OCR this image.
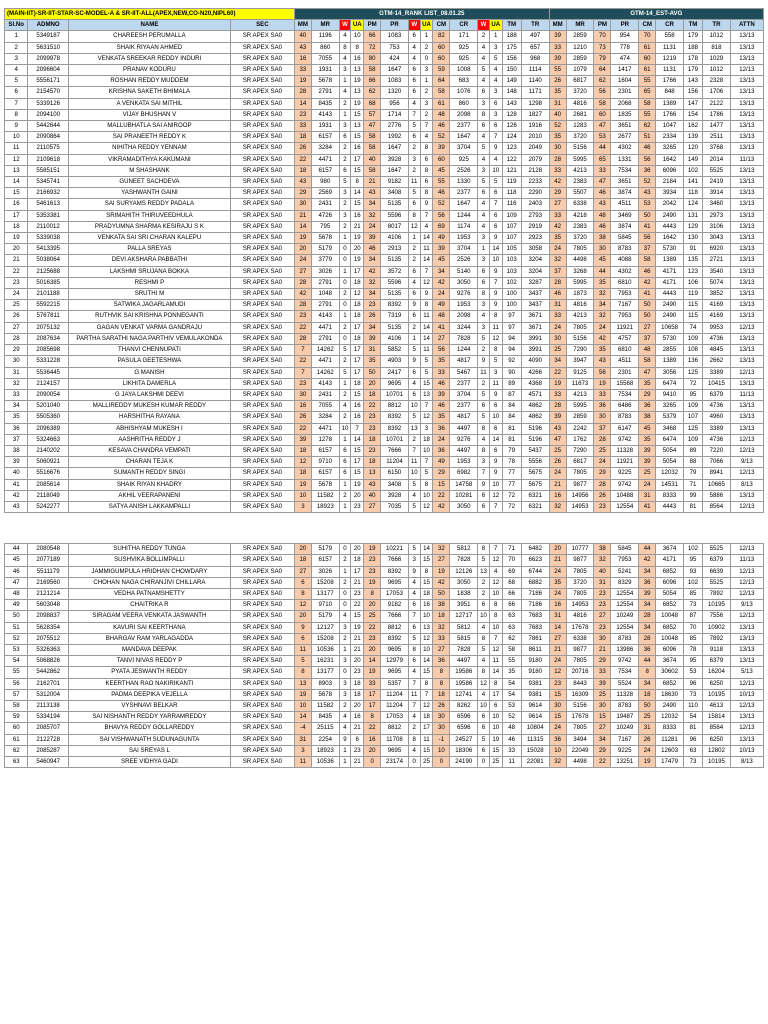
(MAIN-IIT)-SR-IIT-STAR-SC-MODEL-A & SR-IIT-ALL(APEX,NEW,CO-N20,NIPL60)				GTM-14_RANK LIST_08.01.25														GTM-14_EST-AVG								
Sl.No	ADMNO	NAME	SEC	MM	MR	W	UA	PM	PR	W	UA	CM	CR	W	UA	TM	TR	MM	MR	PM	PR	CM	CR	TM	TR	ATTN
1	5349187	CHAREESH PERUMALLA	SR APEX SA0	40	1196	4	10	66	1083	6	1	82	171	2	1	188	497	39	2859	70	954	70	558	179	1012	13/13
2	5631510	SHAIK RIYAAN AHMED	SR APEX SA0	43	860	8	8	72	753	4	2	60	925	4	3	175	657	33	1210	73	778	61	1131	188	818	13/13
3	2099978	VENKATA SREEKAR REDDY INDURI	SR APEX SA0	16	7055	4	16	80	424	4	0	60	925	4	5	156	968	39	2859	79	474	60	1219	178	1029	13/13
4	2096604	PRANAV KODURU	SR APEX SA0	33	1931	3	13	58	1647	6	3	59	1008	5	4	150	1114	55	1079	64	1417	61	1131	179	1012	12/13
5	5556171	ROSHAN REDDY MUDDEM	SR APEX SA0	19	5678	1	19	66	1083	6	1	64	683	4	4	149	1140	26	6817	62	1604	55	1766	143	2328	13/13
6	2154570	KRISHNA SAKETH BHIMALA	SR APEX SA0	28	2791	4	13	62	1320	6	2	58	1076	6	3	148	1171	35	3720	56	2301	65	848	156	1706	13/13
7	5339126	A VENKATA SAI MITHIL	SR APEX SA0	14	8435	2	19	68	956	4	3	61	860	3	6	143	1298	31	4816	58	2068	58	1389	147	2122	13/13
8	2094100	VIJAY BHUSHAN V	SR APEX SA0	23	4143	1	15	57	1714	7	2	48	2098	8	3	128	1827	40	2681	60	1835	55	1766	154	1786	13/13
9	5442644	MALLUBHATLA SAI ANIROOP	SR APEX SA0	33	1931	3	13	47	2776	5	7	46	2377	6	6	126	1916	52	1283	47	3651	62	1047	162	1477	13/13
10	2090864	SAI PRANEETH REDDY K	SR APEX SA0	18	6157	6	15	58	1992	6	4	52	1647	4	7	124	2010	35	3720	53	2677	51	2334	139	2511	13/13
11	2110575	NIHITHA REDDY YENNAM	SR APEX SA0	26	3284	2	16	58	1647	2	8	39	3704	5	9	123	2049	30	5156	44	4302	46	3265	120	3768	13/13
12	2109618	VIKRAMADITHYA KAKUMANI	SR APEX SA0	22	4471	2	17	40	3928	3	6	60	925	4	4	122	2079	28	5995	65	1331	56	1642	149	2014	11/13
13	5585151	M SHASHANK	SR APEX SA0	18	6157	6	15	58	1647	2	8	45	2526	3	10	121	2128	33	4213	33	7534	36	6096	102	5525	13/13
14	5345741	GUNEET SACHDEVA	SR APEX SA0	43	980	5	8	21	9182	11	6	55	1330	5	5	119	2233	42	2383	47	3651	52	2184	141	2419	13/13
15	2166932	YASHWANTH GAINI	SR APEX SA0	29	2569	3	14	43	3408	5	8	46	2377	6	6	118	2290	29	5507	46	3874	43	3934	118	3914	13/13
16	5461613	SAI SURYAMS REDDY PADALA	SR APEX SA0	30	2431	2	15	34	5135	6	9	52	1647	4	7	116	2403	27	6338	43	4511	53	2042	124	3460	13/13
17	5353381	SRIMAHITH THIRUVEEDHULA	SR APEX SA0	21	4726	3	16	32	5596	8	7	56	1244	4	6	109	2793	33	4218	48	3469	50	2490	131	2973	13/13
18	2110012	PRADYUMNA SHARMA KESIRAJU S K	SR APEX SA0	14	795	2	21	24	8017	12	4	69	1174	4	6	107	2919	42	2383	46	3874	41	4443	129	3106	13/13
19	5339038	VENKATA SAI SRI CHARAN KALEPU	SR APEX SA0	19	5678	1	19	39	4106	1	14	49	1953	3	9	107	2923	35	3720	38	5845	56	1642	130	3043	13/13
20	5413395	PALLA SREYAS	SR APEX SA0	20	5179	0	20	46	2913	2	11	39	3704	1	14	105	3058	24	7805	30	8783	37	5730	91	6920	13/13
21	5038064	DEVI AKSHARA PABBATHI	SR APEX SA0	24	3779	0	19	34	5135	2	14	45	2526	3	10	103	3204	32	4498	45	4088	58	1389	135	2721	13/13
22	2125688	LAKSHMI SRUJANA BOKKA	SR APEX SA0	27	3026	1	17	42	3572	6	7	34	5140	6	9	103	3204	37	3268	44	4302	46	4171	123	3540	13/13
23	5016385	RESHMI P	SR APEX SA0	28	2791	0	18	32	5596	4	12	42	3050	6	7	102	3287	28	5995	35	6810	42	4171	106	5074	13/13
24	2101188	SRUTHI M	SR APEX SA0	42	1048	2	12	34	5135	6	9	24	9276	8	9	100	3437	46	1873	32	7953	41	4443	119	3852	13/13
25	5592215	SATWIKA JAGARLAMUDI	SR APEX SA0	28	2791	0	18	23	8392	9	8	49	1953	3	9	100	3437	31	4816	34	7167	50	2490	115	4169	13/13
26	5767811	RUTHVIK SAI KRISHNA PONNEGANTI	SR APEX SA0	23	4143	1	18	26	7319	6	11	48	2098	4	8	97	3671	33	4213	32	7953	50	2490	115	4169	13/13
27	2075132	GAGAN VENKAT VARMA GANDRAJU	SR APEX SA0	22	4471	2	17	34	5135	2	14	41	3244	3	11	97	3671	24	7805	24	11921	27	10658	74	9953	12/13
28	2087634	PARTHA SARATHI NAGA PARTHIV VEMULAKONDA	SR APEX SA0	28	2791	0	18	39	4106	1	14	27	7828	5	12	94	3991	30	5156	42	4757	37	5730	109	4736	13/13
29	2085698	THANVI CHENNUPATI	SR APEX SA0	7	14262	5	17	31	5852	5	11	56	1244	2	8	94	3991	25	7290	35	6810	48	2855	108	4845	13/13
30	5331228	PASULA GEETESHWA	SR APEX SA0	22	4471	2	17	35	4903	9	5	35	4817	9	5	92	4090	34	3947	43	4511	58	1389	136	2662	13/13
31	5536445	G MANISH	SR APEX SA0	7	14262	5	17	50	2417	6	5	33	5467	11	3	90	4266	22	9125	56	2301	47	3056	125	3389	12/13
32	2124157	LIKHITA DAMERLA	SR APEX SA0	23	4143	1	18	20	9695	4	15	46	2377	2	11	89	4368	19	11673	19	15568	35	6474	72	10415	13/13
33	2090054	G JAYA LAKSHMI DEEVI	SR APEX SA0	30	2431	2	15	18	10701	6	13	39	3704	5	9	87	4571	33	4213	33	7534	29	9410	95	6379	11/13
34	5201040	MALLIREDDY MUKESH KUMAR REDDY	SR APEX SA0	16	7055	4	16	22	8812	10	7	46	2377	6	6	84	4862	28	5995	36	6486	36	3265	109	4736	13/13
35	5505360	HARSHITHA RAYANA	SR APEX SA0	26	3284	2	16	23	8392	5	12	35	4817	5	10	84	4862	39	2859	30	8783	38	5379	107	4960	13/13
36	2096389	ABHISHYAM MUKESH I	SR APEX SA0	22	4471	10	7	23	8392	13	3	36	4497	8	6	81	5196	43	2242	37	6147	45	3468	125	3389	13/13
37	5324663	AASHRITHA REDDY J	SR APEX SA0	39	1278	1	14	18	10701	2	18	24	9276	4	14	81	5196	47	1762	28	9742	35	6474	109	4736	12/13
38	2140202	KESAVA CHANDRA VEMPATI	SR APEX SA0	18	6157	6	15	23	7666	7	10	36	4497	8	6	79	5437	25	7290	25	11328	39	5054	89	7220	12/13
39	5060921	CHARAN TEJA K	SR APEX SA0	12	9710	6	17	18	11204	11	7	49	1953	3	9	78	5556	26	6817	24	11921	39	5054	88	7066	9/13
40	5516676	SUMANTH REDDY SINGI	SR APEX SA0	18	6157	6	15	13	6150	10	5	29	6982	7	9	77	5675	24	7805	29	9225	25	12032	79	8941	12/13
41	2085614	SHAIK RIYAN KHADRY	SR APEX SA0	19	5678	1	19	43	3408	5	8	15	14758	9	10	77	5675	21	9877	28	9742	24	14531	71	10665	8/13
42	2118049	AKHIL VEERAPANENI	SR APEX SA0	10	11582	2	20	40	3928	4	10	22	10281	6	12	72	6321	16	14956	26	10488	31	8333	99	5886	13/13
43	5242277	SATYA ANISH LAKKAMPALLI	SR APEX SA0	3	18923	1	23	27	7035	5	12	42	3050	6	7	72	6321	32	14953	23	12554	41	4443	81	8564	12/13

44	2080548	SUHITHA REDDY TUNGA	SR APEX SA0	20	5179	0	20	19	10221	5	14	32	5812	8	7	71	6482	20	10777	38	5845	44	3674	102	5525	12/13
45	2077189	SUSHVIKA BOLLIMPALLI	SR APEX SA0	18	6157	2	18	23	7666	3	15	27	7828	5	12	70	6623	21	9877	32	7953	42	4171	95	6379	11/13
46	5511179	JAMMIGUMPULA HRIDHAN CHOWDARY	SR APEX SA0	27	3026	1	17	23	8392	9	8	19	12126	13	4	69	6744	24	7805	40	5241	34	6852	93	6639	12/13
47	2169560	CHOHAN NAGA CHIRANJIVI CHILLARA	SR APEX SA0	6	15208	2	21	19	9695	4	15	42	3050	2	12	68	6882	35	3720	31	8329	36	6096	102	5525	12/13
48	2121214	VEDHA PATNAMSHETTY	SR APEX SA0	8	13177	0	23	8	17053	4	18	50	1838	2	10	66	7186	24	7805	23	12554	39	5054	85	7892	12/13
49	5603048	CHAITRIKA R	SR APEX SA0	12	9710	0	22	20	9182	6	16	38	3951	6	8	66	7186	16	14953	23	12554	34	6852	73	10195	9/13
50	2098837	SIRAGAM VEERA VENKATA JASWANTH	SR APEX SA0	20	5179	4	15	25	7666	7	10	18	12717	10	8	63	7683	31	4816	27	10249	28	10048	87	7556	12/13
51	5628354	KAVURI SAI KEERTHANA	SR APEX SA0	9	12127	3	19	22	8812	6	13	32	5812	4	10	63	7683	14	17678	23	12554	34	6852	70	10902	13/13
52	2075512	BHARGAV RAM YARLAGADDA	SR APEX SA0	6	15208	2	21	23	8392	5	12	33	5815	8	7	62	7861	27	6338	30	8783	28	10048	85	7892	13/13
53	5326363	MANDAVA DEEPAK	SR APEX SA0	11	10536	1	21	20	9695	8	10	27	7828	5	12	58	8611	21	9877	21	13986	36	6096	78	9118	13/13
54	5068826	TANVI NIVAS REDDY P	SR APEX SA0	5	16231	3	20	14	12979	6	14	36	4497	4	11	55	9180	24	7805	29	9742	44	3674	95	6379	13/13
55	5442862	PYATA JESWANTH REDDY	SR APEX SA0	8	13177	0	23	19	9695	4	15	8	19586	8	14	35	9180	12	20716	33	7534	8	30602	53	16204	5/13
56	2162701	KEERTHAN RAO NAKIRIKANTI	SR APEX SA0	13	8903	3	18	33	5357	7	8	8	19586	12	8	54	9381	23	8443	39	5524	34	6852	96	6250	12/13
57	5312004	PADMA DEEPIKA VEJELLA	SR APEX SA0	19	5678	3	18	17	11204	11	7	18	12741	4	17	54	9381	15	16309	25	11328	18	18630	73	10195	10/13
58	2113138	VYSHNAVI BELKAR	SR APEX SA0	10	11582	2	20	17	11204	7	12	26	8262	10	6	53	9614	30	5156	30	8783	50	2490	110	4613	12/13
59	5334194	SAI NISHANTH REDDY YARRAMREDDY	SR APEX SA0	14	8435	4	16	8	17053	4	18	30	6596	6	10	52	9614	15	17678	15	19487	25	12032	54	15814	13/13
60	2085707	BHAVYA REDDY GOLLAREDDY	SR APEX SA0	-4	25115	4	21	22	8812	2	17	30	6596	6	10	48	10804	24	7805	27	10249	31	8333	81	8564	12/13
61	2122728	SAI VISHWANATH SUDUNAGUNTA	SR APEX SA0	31	2254	9	6	16	11708	8	11	-1	24527	5	19	46	11315	36	3494	34	7167	26	11281	96	6250	13/13
62	2085287	SAI SREYAS L	SR APEX SA0	3	18923	1	23	20	9695	4	15	10	18306	6	15	33	15028	10	22049	29	9225	24	12603	63	12802	10/13
63	5460947	SREE VIDHYA GADI	SR APEX SA0	11	10536	1	21	0	23174	0	25	0	24190	0	25	11	22081	32	4498	22	13251	19	17479	73	10195	8/13
